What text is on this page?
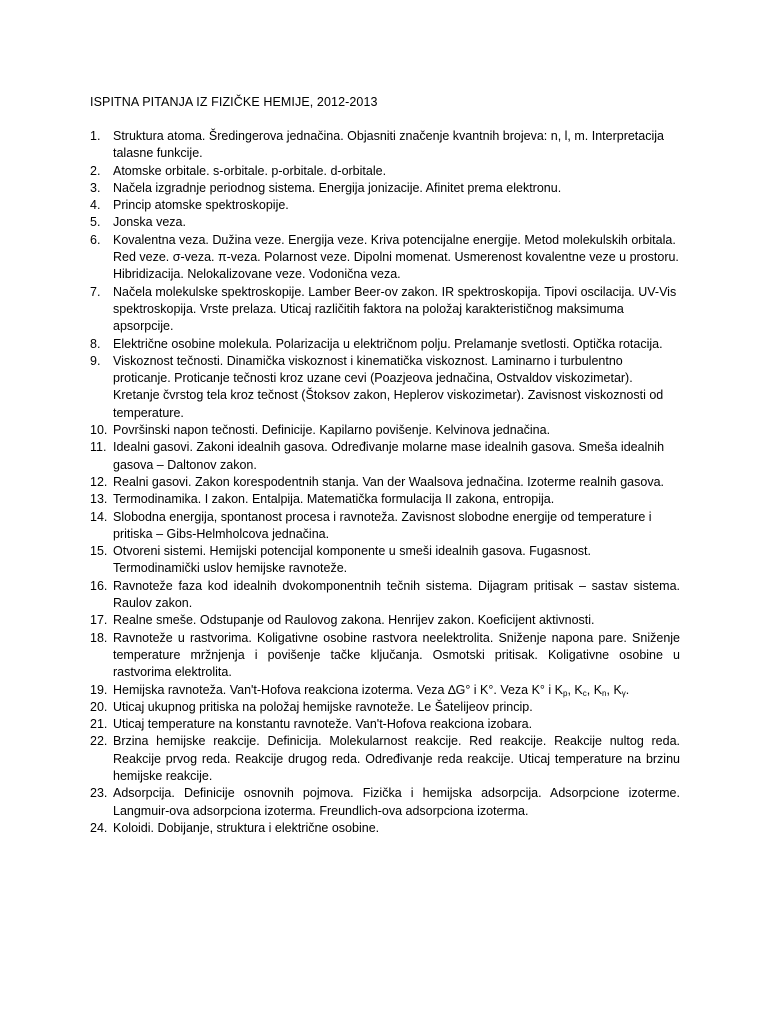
ISPITNA PITANJA IZ FIZIČKE HEMIJE, 2012-2013
1.	Struktura atoma. Šredingerova jednačina. Objasniti značenje kvantnih brojeva: n, l, m. Interpretacija
talasne funkcije.
2.	Atomske orbitale. s-orbitale. p-orbitale. d-orbitale.
3.	Načela izgradnje periodnog sistema. Energija jonizacije. Afinitet prema elektronu.
4.	Princip atomske spektroskopije.
5.	Jonska veza.
6.	Kovalentna veza. Dužina veze. Energija veze. Kriva potencijalne energije. Metod molekulskih orbitala.
Red veze. σ-veza. π-veza. Polarnost veze. Dipolni momenat. Usmerenost kovalentne veze u prostoru.
Hibridizacija. Nelokalizovane veze. Vodonična veza.
7.	Načela molekulske spektroskopije. Lamber Beer-ov zakon. IR spektroskopija. Tipovi oscilacija. UV-Vis
spektroskopija. Vrste prelaza. Uticaj različitih faktora na položaj karakterističnog maksimuma
apsorpcije.
8.	Električne osobine molekula. Polarizacija u električnom polju. Prelamanje svetlosti. Optička rotacija.
9.	Viskoznost tečnosti. Dinamička viskoznost i kinematička viskoznost. Laminarno i turbulentno
proticanje. Proticanje tečnosti kroz uzane cevi (Poazjeova jednačina, Ostvaldov viskozimetar).
Kretanje čvrstog tela kroz tečnost (Štoksov zakon, Heplerov viskozimetar). Zavisnost viskoznosti od
temperature.
10. Površinski napon tečnosti. Definicije. Kapilarno povišenje. Kelvinova jednačina.
11. Idealni gasovi. Zakoni idealnih gasova. Određivanje molarne mase idealnih gasova. Smeša idealnih
gasova – Daltonov zakon.
12. Realni gasovi. Zakon korespodentnih stanja. Van der Waalsova jednačina. Izoterme realnih gasova.
13. Termodinamika. I zakon. Entalpija. Matematička formulacija II zakona, entropija.
14. Slobodna energija, spontanost procesa i ravnoteža. Zavisnost slobodne energije od temperature i
pritiska – Gibs-Helmholcova jednačina.
15. Otvoreni sistemi. Hemijski potencijal komponente u smeši idealnih gasova. Fugasnost.
Termodinamički uslov hemijske ravnoteže.
16. Ravnoteže faza kod idealnih dvokomponentnih tečnih sistema. Dijagram pritisak – sastav sistema.
Raulov zakon.
17. Realne smeše. Odstupanje od Raulovog zakona. Henrijev zakon. Koeficijent aktivnosti.
18. Ravnoteže u rastvorima. Koligativne osobine rastvora neelektrolita. Sniženje napona pare. Sniženje
temperature mržnjenja i povišenje tačke ključanja. Osmotski pritisak. Koligativne osobine u
rastvorima elektrolita.
19. Hemijska ravnoteža. Van't-Hofova reakciona izoterma. Veza ∆G° i K°. Veza K° i $K_p$, $K_c$, $K_n$, $K_\gamma$.
20. Uticaj ukupnog pritiska na položaj hemijske ravnoteže. Le Šatelijeov princip.
21. Uticaj temperature na konstantu ravnoteže. Van't-Hofova reakciona izobara.
22. Brzina hemijske reakcije. Definicija. Molekularnost reakcije. Red reakcije. Reakcije nultog reda.
Reakcije prvog reda. Reakcije drugog reda. Određivanje reda reakcije. Uticaj temperature na brzinu
hemijske reakcije.
23. Adsorpcija. Definicije osnovnih pojmova. Fizička i hemijska adsorpcija. Adsorpcione izoterme.
Langmuir-ova adsorpciona izoterma. Freundlich-ova adsorpciona izoterma.
24. Koloidi. Dobijanje, struktura i električne osobine.
